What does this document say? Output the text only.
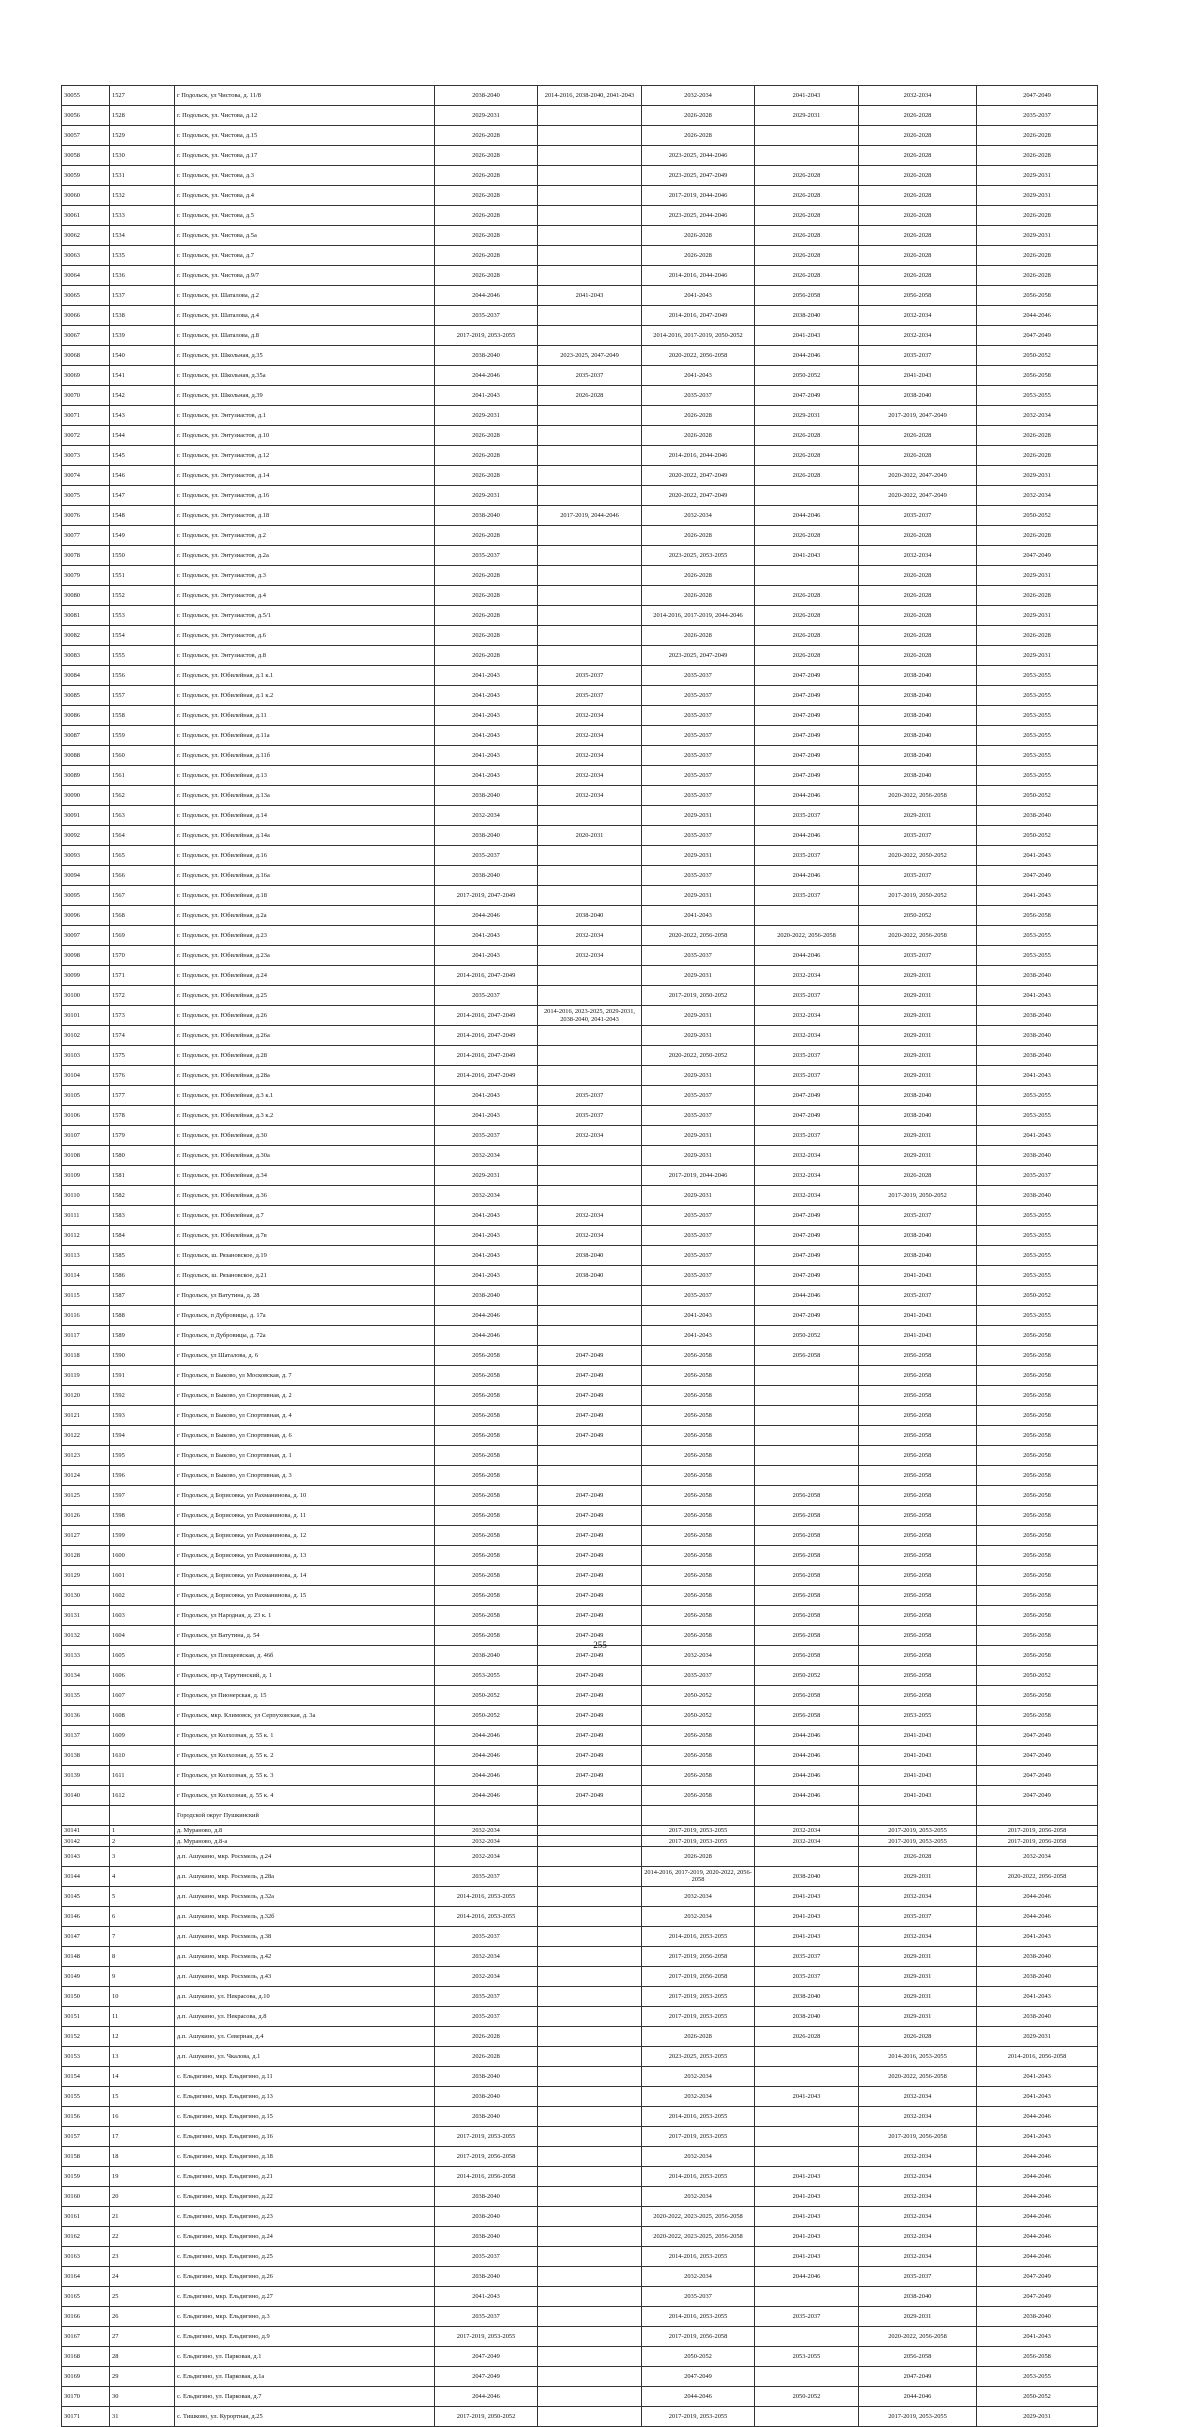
30055	1527	г Подольск, ул Чистова, д. 11/8	2038-2040	2014-2016, 2038-2040, 2041-2043	2032-2034	2041-2043	2032-2034	2047-2049
30056	1528	г. Подольск, ул. Чистова, д.12	2029-2031		2026-2028	2029-2031	2026-2028	2035-2037
30057	1529	г. Подольск, ул. Чистова, д.15	2026-2028		2026-2028		2026-2028	2026-2028
30058	1530	г. Подольск, ул. Чистова, д.17	2026-2028		2023-2025, 2044-2046		2026-2028	2026-2028
30059	1531	г. Подольск, ул. Чистова, д.3	2026-2028		2023-2025, 2047-2049	2026-2028	2026-2028	2029-2031
30060	1532	г. Подольск, ул. Чистова, д.4	2026-2028		2017-2019, 2044-2046	2026-2028	2026-2028	2029-2031
30061	1533	г. Подольск, ул. Чистова, д.5	2026-2028		2023-2025, 2044-2046	2026-2028	2026-2028	2026-2028
30062	1534	г. Подольск, ул. Чистова, д.5а	2026-2028		2026-2028	2026-2028	2026-2028	2029-2031
30063	1535	г. Подольск, ул. Чистова, д.7	2026-2028		2026-2028	2026-2028	2026-2028	2026-2028
30064	1536	г. Подольск, ул. Чистова, д.9/7	2026-2028		2014-2016, 2044-2046	2026-2028	2026-2028	2026-2028
30065	1537	г. Подольск, ул. Шаталова, д.2	2044-2046	2041-2043	2041-2043	2056-2058	2056-2058	2056-2058
30066	1538	г. Подольск, ул. Шаталова, д.4	2035-2037		2014-2016, 2047-2049	2038-2040	2032-2034	2044-2046
30067	1539	г. Подольск, ул. Шаталова, д.8	2017-2019, 2053-2055		2014-2016, 2017-2019, 2050-2052	2041-2043	2032-2034	2047-2049
30068	1540	г. Подольск, ул. Школьная, д.35	2038-2040	2023-2025, 2047-2049	2020-2022, 2056-2058	2044-2046	2035-2037	2050-2052
30069	1541	г. Подольск, ул. Школьная, д.35а	2044-2046	2035-2037	2041-2043	2050-2052	2041-2043	2056-2058
30070	1542	г. Подольск, ул. Школьная, д.39	2041-2043	2026-2028	2035-2037	2047-2049	2038-2040	2053-2055
30071	1543	г. Подольск, ул. Энтузиастов, д.1	2029-2031		2026-2028	2029-2031	2017-2019, 2047-2049	2032-2034
30072	1544	г. Подольск, ул. Энтузиастов, д.10	2026-2028		2026-2028	2026-2028	2026-2028	2026-2028
30073	1545	г. Подольск, ул. Энтузиастов, д.12	2026-2028		2014-2016, 2044-2046	2026-2028	2026-2028	2026-2028
30074	1546	г. Подольск, ул. Энтузиастов, д.14	2026-2028		2020-2022, 2047-2049	2026-2028	2020-2022, 2047-2049	2029-2031
30075	1547	г. Подольск, ул. Энтузиастов, д.16	2029-2031		2020-2022, 2047-2049		2020-2022, 2047-2049	2032-2034
30076	1548	г. Подольск, ул. Энтузиастов, д.18	2038-2040	2017-2019, 2044-2046	2032-2034	2044-2046	2035-2037	2050-2052
30077	1549	г. Подольск, ул. Энтузиастов, д.2	2026-2028		2026-2028	2026-2028	2026-2028	2026-2028
30078	1550	г. Подольск, ул. Энтузиастов, д.2а	2035-2037		2023-2025, 2053-2055	2041-2043	2032-2034	2047-2049
30079	1551	г. Подольск, ул. Энтузиастов, д.3	2026-2028		2026-2028		2026-2028	2029-2031
30080	1552	г. Подольск, ул. Энтузиастов, д.4	2026-2028		2026-2028	2026-2028	2026-2028	2026-2028
30081	1553	г. Подольск, ул. Энтузиастов, д.5/1	2026-2028		2014-2016, 2017-2019, 2044-2046	2026-2028	2026-2028	2029-2031
30082	1554	г. Подольск, ул. Энтузиастов, д.6	2026-2028		2026-2028	2026-2028	2026-2028	2026-2028
30083	1555	г. Подольск, ул. Энтузиастов, д.8	2026-2028		2023-2025, 2047-2049	2026-2028	2026-2028	2029-2031
30084	1556	г. Подольск, ул. Юбилейная, д.1 к.1	2041-2043	2035-2037	2035-2037	2047-2049	2038-2040	2053-2055
30085	1557	г. Подольск, ул. Юбилейная, д.1 к.2	2041-2043	2035-2037	2035-2037	2047-2049	2038-2040	2053-2055
30086	1558	г. Подольск, ул. Юбилейная, д.11	2041-2043	2032-2034	2035-2037	2047-2049	2038-2040	2053-2055
30087	1559	г. Подольск, ул. Юбилейная, д.11а	2041-2043	2032-2034	2035-2037	2047-2049	2038-2040	2053-2055
30088	1560	г. Подольск, ул. Юбилейная, д.11б	2041-2043	2032-2034	2035-2037	2047-2049	2038-2040	2053-2055
30089	1561	г. Подольск, ул. Юбилейная, д.13	2041-2043	2032-2034	2035-2037	2047-2049	2038-2040	2053-2055
30090	1562	г. Подольск, ул. Юбилейная, д.13а	2038-2040	2032-2034	2035-2037	2044-2046	2020-2022, 2056-2058	2050-2052
30091	1563	г. Подольск, ул. Юбилейная, д.14	2032-2034		2029-2031	2035-2037	2029-2031	2038-2040
30092	1564	г. Подольск, ул. Юбилейная, д.14а	2038-2040	2020-2031	2035-2037	2044-2046	2035-2037	2050-2052
30093	1565	г. Подольск, ул. Юбилейная, д.16	2035-2037		2029-2031	2035-2037	2020-2022, 2050-2052	2041-2043
30094	1566	г. Подольск, ул. Юбилейная, д.16а	2038-2040		2035-2037	2044-2046	2035-2037	2047-2049
30095	1567	г. Подольск, ул. Юбилейная, д.18	2017-2019, 2047-2049		2029-2031	2035-2037	2017-2019, 2050-2052	2041-2043
30096	1568	г. Подольск, ул. Юбилейная, д.2а	2044-2046	2038-2040	2041-2043		2050-2052	2056-2058
30097	1569	г. Подольск, ул. Юбилейная, д.23	2041-2043	2032-2034	2020-2022, 2056-2058	2020-2022, 2056-2058	2020-2022, 2056-2058	2053-2055
30098	1570	г. Подольск, ул. Юбилейная, д.23а	2041-2043	2032-2034	2035-2037	2044-2046	2035-2037	2053-2055
30099	1571	г. Подольск, ул. Юбилейная, д.24	2014-2016, 2047-2049		2029-2031	2032-2034	2029-2031	2038-2040
30100	1572	г. Подольск, ул. Юбилейная, д.25	2035-2037		2017-2019, 2050-2052	2035-2037	2029-2031	2041-2043
30101	1573	г. Подольск, ул. Юбилейная, д.26	2014-2016, 2047-2049	2014-2016, 2023-2025, 2029-2031, 2038-2040, 2041-2043	2029-2031	2032-2034	2029-2031	2038-2040
30102	1574	г. Подольск, ул. Юбилейная, д.26а	2014-2016, 2047-2049		2029-2031	2032-2034	2029-2031	2038-2040
30103	1575	г. Подольск, ул. Юбилейная, д.28	2014-2016, 2047-2049		2020-2022, 2050-2052	2035-2037	2029-2031	2038-2040
30104	1576	г. Подольск, ул. Юбилейная, д.28а	2014-2016, 2047-2049		2029-2031	2035-2037	2029-2031	2041-2043
30105	1577	г. Подольск, ул. Юбилейная, д.3 к.1	2041-2043	2035-2037	2035-2037	2047-2049	2038-2040	2053-2055
30106	1578	г. Подольск, ул. Юбилейная, д.3 к.2	2041-2043	2035-2037	2035-2037	2047-2049	2038-2040	2053-2055
30107	1579	г. Подольск, ул. Юбилейная, д.30	2035-2037	2032-2034	2029-2031	2035-2037	2029-2031	2041-2043
30108	1580	г. Подольск, ул. Юбилейная, д.30а	2032-2034		2029-2031	2032-2034	2029-2031	2038-2040
30109	1581	г. Подольск, ул. Юбилейная, д.34	2029-2031		2017-2019, 2044-2046	2032-2034	2026-2028	2035-2037
30110	1582	г. Подольск, ул. Юбилейная, д.36	2032-2034		2029-2031	2032-2034	2017-2019, 2050-2052	2038-2040
30111	1583	г. Подольск, ул. Юбилейная, д.7	2041-2043	2032-2034	2035-2037	2047-2049	2035-2037	2053-2055
30112	1584	г. Подольск, ул. Юбилейная, д.7в	2041-2043	2032-2034	2035-2037	2047-2049	2038-2040	2053-2055
30113	1585	г. Подольск, ш. Рязановское, д.19	2041-2043	2038-2040	2035-2037	2047-2049	2038-2040	2053-2055
30114	1586	г. Подольск, ш. Рязановское, д.21	2041-2043	2038-2040	2035-2037	2047-2049	2041-2043	2053-2055
30115	1587	г Подольск, ул Ватутина, д. 28	2038-2040		2035-2037	2044-2046	2035-2037	2050-2052
30116	1588	г Подольск, п Дубровицы, д. 17а	2044-2046		2041-2043	2047-2049	2041-2043	2053-2055
30117	1589	г Подольск, п Дубровицы, д. 72а	2044-2046		2041-2043	2050-2052	2041-2043	2056-2058
30118	1590	г Подольск, ул Шаталова, д. 6	2056-2058	2047-2049	2056-2058	2056-2058	2056-2058	2056-2058
30119	1591	г Подольск, п Быково, ул Московская, д. 7	2056-2058	2047-2049	2056-2058		2056-2058	2056-2058
30120	1592	г Подольск, п Быково, ул Спортивная, д. 2	2056-2058	2047-2049	2056-2058		2056-2058	2056-2058
30121	1593	г Подольск, п Быково, ул Спортивная, д. 4	2056-2058	2047-2049	2056-2058		2056-2058	2056-2058
30122	1594	г Подольск, п Быково, ул Спортивная, д. 6	2056-2058	2047-2049	2056-2058		2056-2058	2056-2058
30123	1595	г Подольск, п Быково, ул Спортивная, д. 1	2056-2058		2056-2058		2056-2058	2056-2058
30124	1596	г Подольск, п Быково, ул Спортивная, д. 3	2056-2058		2056-2058		2056-2058	2056-2058
30125	1597	г Подольск, д Борисовка, ул Рахманинова, д. 10	2056-2058	2047-2049	2056-2058	2056-2058	2056-2058	2056-2058
30126	1598	г Подольск, д Борисовка, ул Рахманинова, д. 11	2056-2058	2047-2049	2056-2058	2056-2058	2056-2058	2056-2058
30127	1599	г Подольск, д Борисовка, ул Рахманинова, д. 12	2056-2058	2047-2049	2056-2058	2056-2058	2056-2058	2056-2058
30128	1600	г Подольск, д Борисовка, ул Рахманинова, д. 13	2056-2058	2047-2049	2056-2058	2056-2058	2056-2058	2056-2058
30129	1601	г Подольск, д Борисовка, ул Рахманинова, д. 14	2056-2058	2047-2049	2056-2058	2056-2058	2056-2058	2056-2058
30130	1602	г Подольск, д Борисовка, ул Рахманинова, д. 15	2056-2058	2047-2049	2056-2058	2056-2058	2056-2058	2056-2058
30131	1603	г Подольск, ул Народная, д. 23 к. 1	2056-2058	2047-2049	2056-2058	2056-2058	2056-2058	2056-2058
30132	1604	г Подольск, ул Ватутина, д. 54	2056-2058	2047-2049	2056-2058	2056-2058	2056-2058	2056-2058
30133	1605	г Подольск, ул Плещеевская, д. 46б	2038-2040	2047-2049	2032-2034	2056-2058	2056-2058	2056-2058
30134	1606	г Подольск, пр-д Тарутинский, д. 1	2053-2055	2047-2049	2035-2037	2050-2052	2056-2058	2050-2052
30135	1607	г Подольск, ул Пионерская, д. 15	2050-2052	2047-2049	2050-2052	2056-2058	2056-2058	2056-2058
30136	1608	г Подольск, мкр. Климовск, ул Серпуховская, д. 3а	2050-2052	2047-2049	2050-2052	2056-2058	2053-2055	2056-2058
30137	1609	г Подольск, ул Колхозная, д. 55 к. 1	2044-2046	2047-2049	2056-2058	2044-2046	2041-2043	2047-2049
30138	1610	г Подольск, ул Колхозная, д. 55 к. 2	2044-2046	2047-2049	2056-2058	2044-2046	2041-2043	2047-2049
30139	1611	г Подольск, ул Колхозная, д. 55 к. 3	2044-2046	2047-2049	2056-2058	2044-2046	2041-2043	2047-2049
30140	1612	г Подольск, ул Колхозная, д. 55 к. 4	2044-2046	2047-2049	2056-2058	2044-2046	2041-2043	2047-2049
		Городской округ Пушкинский						
30141	1	д. Мураново, д.8	2032-2034		2017-2019, 2053-2055	2032-2034	2017-2019, 2053-2055	2017-2019, 2056-2058
30142	2	д. Мураново, д.8-а	2032-2034		2017-2019, 2053-2055	2032-2034	2017-2019, 2053-2055	2017-2019, 2056-2058
30143	3	д.п. Ашукино, мкр. Росхмель, д.24	2032-2034		2026-2028		2026-2028	2032-2034
30144	4	д.п. Ашукино, мкр. Росхмель, д.28а	2035-2037		2014-2016, 2017-2019, 2020-2022, 2056-2058	2038-2040	2029-2031	2020-2022, 2056-2058
30145	5	д.п. Ашукино, мкр. Росхмель, д.32а	2014-2016, 2053-2055		2032-2034	2041-2043	2032-2034	2044-2046
30146	6	д.п. Ашукино, мкр. Росхмель, д.32б	2014-2016, 2053-2055		2032-2034	2041-2043	2035-2037	2044-2046
30147	7	д.п. Ашукино, мкр. Росхмель, д.38	2035-2037		2014-2016, 2053-2055	2041-2043	2032-2034	2041-2043
30148	8	д.п. Ашукино, мкр. Росхмель, д.42	2032-2034		2017-2019, 2056-2058	2035-2037	2029-2031	2038-2040
30149	9	д.п. Ашукино, мкр. Росхмель, д.43	2032-2034		2017-2019, 2056-2058	2035-2037	2029-2031	2038-2040
30150	10	д.п. Ашукино, ул. Некрасова, д.10	2035-2037		2017-2019, 2053-2055	2038-2040	2029-2031	2041-2043
30151	11	д.п. Ашукино, ул. Некрасова, д.8	2035-2037		2017-2019, 2053-2055	2038-2040	2029-2031	2038-2040
30152	12	д.п. Ашукино, ул. Северная, д.4	2026-2028		2026-2028	2026-2028	2026-2028	2029-2031
30153	13	д.п. Ашукино, ул. Чкалова, д.1	2026-2028		2023-2025, 2053-2055		2014-2016, 2053-2055	2014-2016, 2056-2058
30154	14	с. Ельдигино, мкр. Ельдигино, д.11	2038-2040		2032-2034		2020-2022, 2056-2058	2041-2043
30155	15	с. Ельдигино, мкр. Ельдигино, д.13	2038-2040		2032-2034	2041-2043	2032-2034	2041-2043
30156	16	с. Ельдигино, мкр. Ельдигино, д.15	2038-2040		2014-2016, 2053-2055		2032-2034	2044-2046
30157	17	с. Ельдигино, мкр. Ельдигино, д.16	2017-2019, 2053-2055		2017-2019, 2053-2055		2017-2019, 2056-2058	2041-2043
30158	18	с. Ельдигино, мкр. Ельдигино, д.18	2017-2019, 2056-2058		2032-2034		2032-2034	2044-2046
30159	19	с. Ельдигино, мкр. Ельдигино, д.21	2014-2016, 2056-2058		2014-2016, 2053-2055	2041-2043	2032-2034	2044-2046
30160	20	с. Ельдигино, мкр. Ельдигино, д.22	2038-2040		2032-2034	2041-2043	2032-2034	2044-2046
30161	21	с. Ельдигино, мкр. Ельдигино, д.23	2038-2040		2020-2022, 2023-2025, 2056-2058	2041-2043	2032-2034	2044-2046
30162	22	с. Ельдигино, мкр. Ельдигино, д.24	2038-2040		2020-2022, 2023-2025, 2056-2058	2041-2043	2032-2034	2044-2046
30163	23	с. Ельдигино, мкр. Ельдигино, д.25	2035-2037		2014-2016, 2053-2055	2041-2043	2032-2034	2044-2046
30164	24	с. Ельдигино, мкр. Ельдигино, д.26	2038-2040		2032-2034	2044-2046	2035-2037	2047-2049
30165	25	с. Ельдигино, мкр. Ельдигино, д.27	2041-2043		2035-2037		2038-2040	2047-2049
30166	26	с. Ельдигино, мкр. Ельдигино, д.3	2035-2037		2014-2016, 2053-2055	2035-2037	2029-2031	2038-2040
30167	27	с. Ельдигино, мкр. Ельдигино, д.9	2017-2019, 2053-2055		2017-2019, 2056-2058		2020-2022, 2056-2058	2041-2043
30168	28	с. Ельдигино, ул. Парковая, д.1	2047-2049		2050-2052	2053-2055	2056-2058	2056-2058
30169	29	с. Ельдигино, ул. Парковая, д.1а	2047-2049		2047-2049		2047-2049	2053-2055
30170	30	с. Ельдигино, ул. Парковая, д.7	2044-2046		2044-2046	2050-2052	2044-2046	2050-2052
30171	31	с. Тишково, ул. Курортная, д.25	2017-2019, 2050-2052		2017-2019, 2053-2055		2017-2019, 2053-2055	2029-2031
255
